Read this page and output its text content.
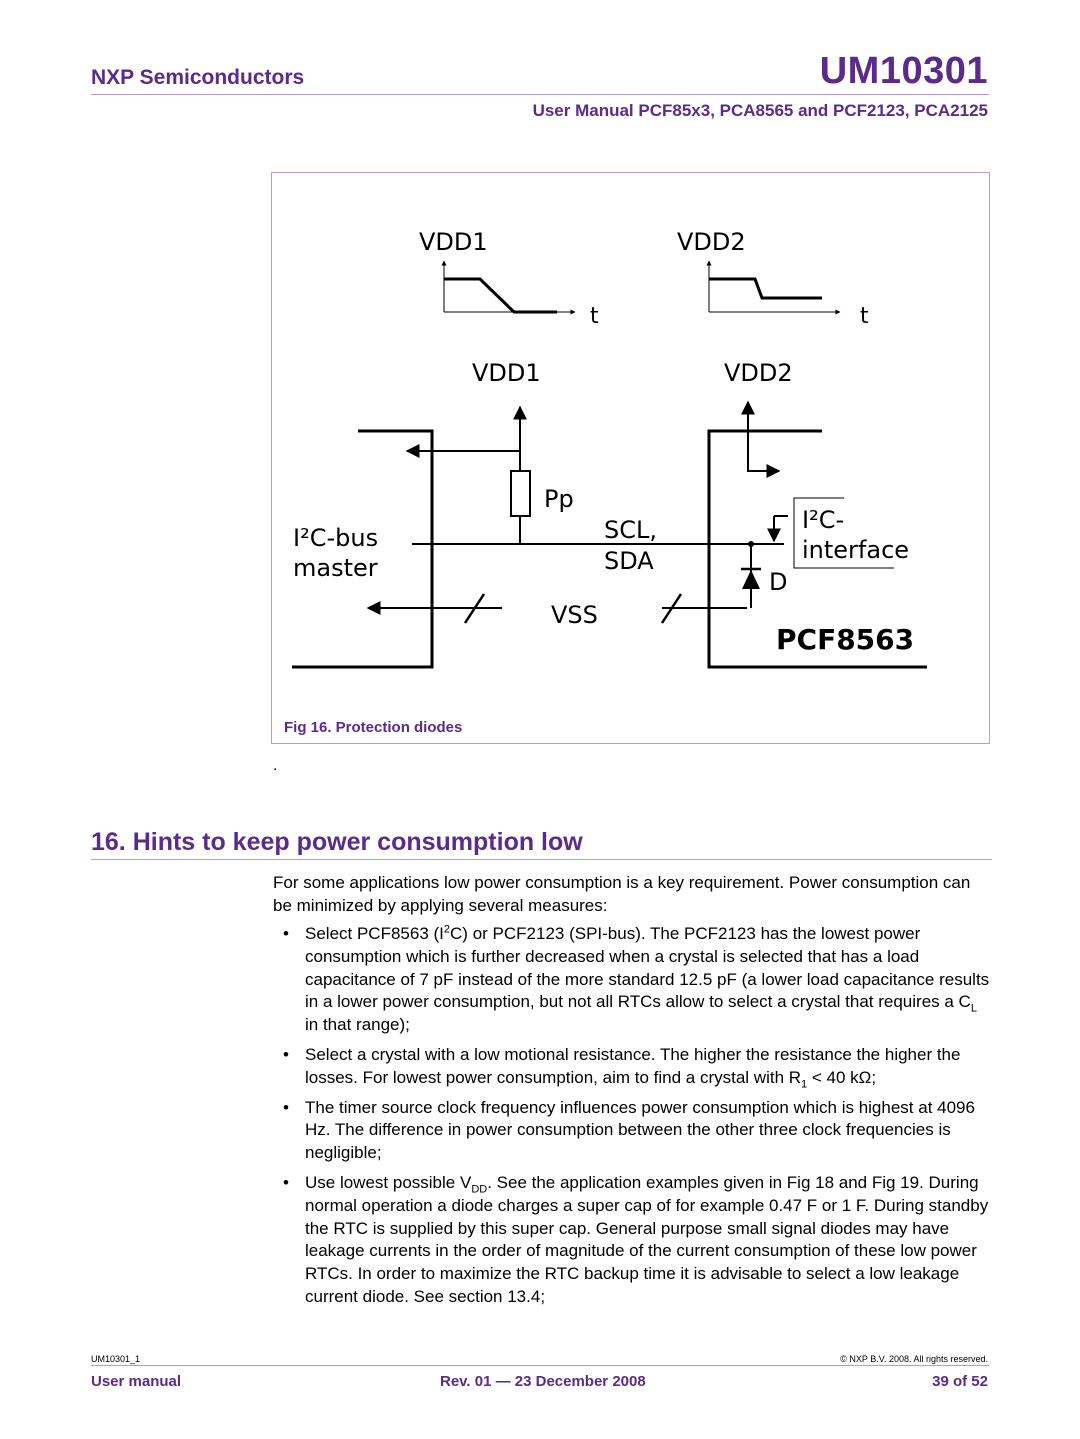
NXP Semiconductors	UM10301
User Manual PCF85x3, PCA8565 and PCF2123, PCA2125
VDD1
t
VDD2
t
VDD1	VDD2
I²C-bus
master
Pp
SCL,
SDA
VSS
I²C-
interface
D
PCF8563
Fig 16. Protection diodes
.
16. Hints to keep power consumption low
For some applications low power consumption is a key requirement. Power consumption can be minimized by applying several measures:
• Select PCF8563 $(I^2C)$ or PCF2123 (SPI-bus). The PCF2123 has the lowest power consumption which is further decreased when a crystal is selected that has a load capacitance of 7 pF instead of the more standard 12.5 pF (a lower load capacitance results in a lower power consumption, but not all RTCs allow to select a crystal that requires a $C_L$ in that range);
• Select a crystal with a low motional resistance. The higher the resistance the higher the losses. For lowest power consumption, aim to find a crystal with $R_1 < 40$ kΩ;
• The timer source clock frequency influences power consumption which is highest at 4096 Hz. The difference in power consumption between the other three clock frequencies is negligible;
• Use lowest possible $V_{DD}$. See the application examples given in Fig 18 and Fig 19. During normal operation a diode charges a super cap of for example 0.47 F or 1 F. During standby the RTC is supplied by this super cap. General purpose small signal diodes may have leakage currents in the order of magnitude of the current consumption of these low power RTCs. In order to maximize the RTC backup time it is advisable to select a low leakage current diode. See section 13.4;
UM10301_1	© NXP B.V. 2008. All rights reserved.
User manual	Rev. 01 — 23 December 2008	39 of 52
